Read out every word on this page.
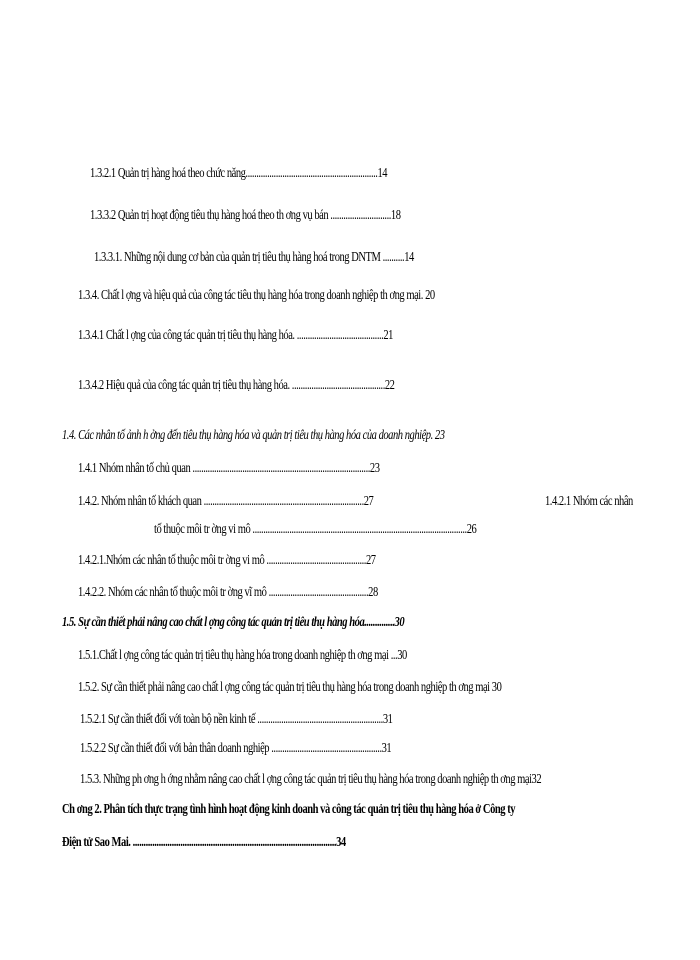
1.3.2.1 Quản trị hàng hoá theo chức năng.............................................................14
1.3.3.2 Quản trị hoạt động tiêu thụ hàng hoá theo th ơng vụ bán ............................18
1.3.3.1. Những nội dung cơ bản của quản trị tiêu thụ hàng hoá trong DNTM ..........14
1.3.4. Chất l ợng và hiệu quả của công tác tiêu thụ hàng hóa trong doanh nghiệp th ơng mại. 20
1.3.4.1 Chất l ợng của công tác quản trị tiêu thụ hàng hóa. ........................................21
1.3.4.2 Hiệu quả của công tác quản trị tiêu thụ hàng hóa. ...........................................22
1.4. Các nhân tố ảnh h ởng đến tiêu thụ hàng hóa và quản trị tiêu thụ hàng hóa của doanh nghiệp. 23
1.4.1 Nhóm nhân tố chủ quan ..................................................................................23
1.4.2. Nhóm nhân tố khách quan ..........................................................................27	1.4.2.1 Nhóm các nhân
tố thuộc môi tr ờng vi mô ...................................................................................................26
1.4.2.1.Nhóm các nhân tố thuộc môi tr ờng vi mô ..............................................27
1.4.2.2. Nhóm các nhân tố thuộc môi tr ờng vĩ mô ..............................................28
1.5. Sự cần thiết phải nâng cao chất l ợng công tác quản trị tiêu thụ hàng hóa..............30
1.5.1.Chất l ợng công tác quản trị tiêu thụ hàng hóa trong doanh nghiệp th ơng mại ...30
1.5.2. Sự cần thiết phải nâng cao chất l ợng công tác quản trị tiêu thụ hàng hóa trong doanh nghiệp th ơng mại 30
1.5.2.1 Sự cần thiết đối với toàn bộ nền kinh tế ..........................................................31
1.5.2.2 Sự cần thiết đối với bản thân doanh nghiệp ...................................................31
1.5.3. Những ph ơng h ớng nhằm nâng cao chất l ợng công tác quản trị tiêu thụ hàng hóa trong doanh nghiệp th ơng mại32
Ch ơng 2. Phân tích thực trạng tình hình hoạt động kinh doanh và công tác quản trị tiêu thụ hàng hóa ở Công ty
Điện tử Sao Mai. ..............................................................................................34
